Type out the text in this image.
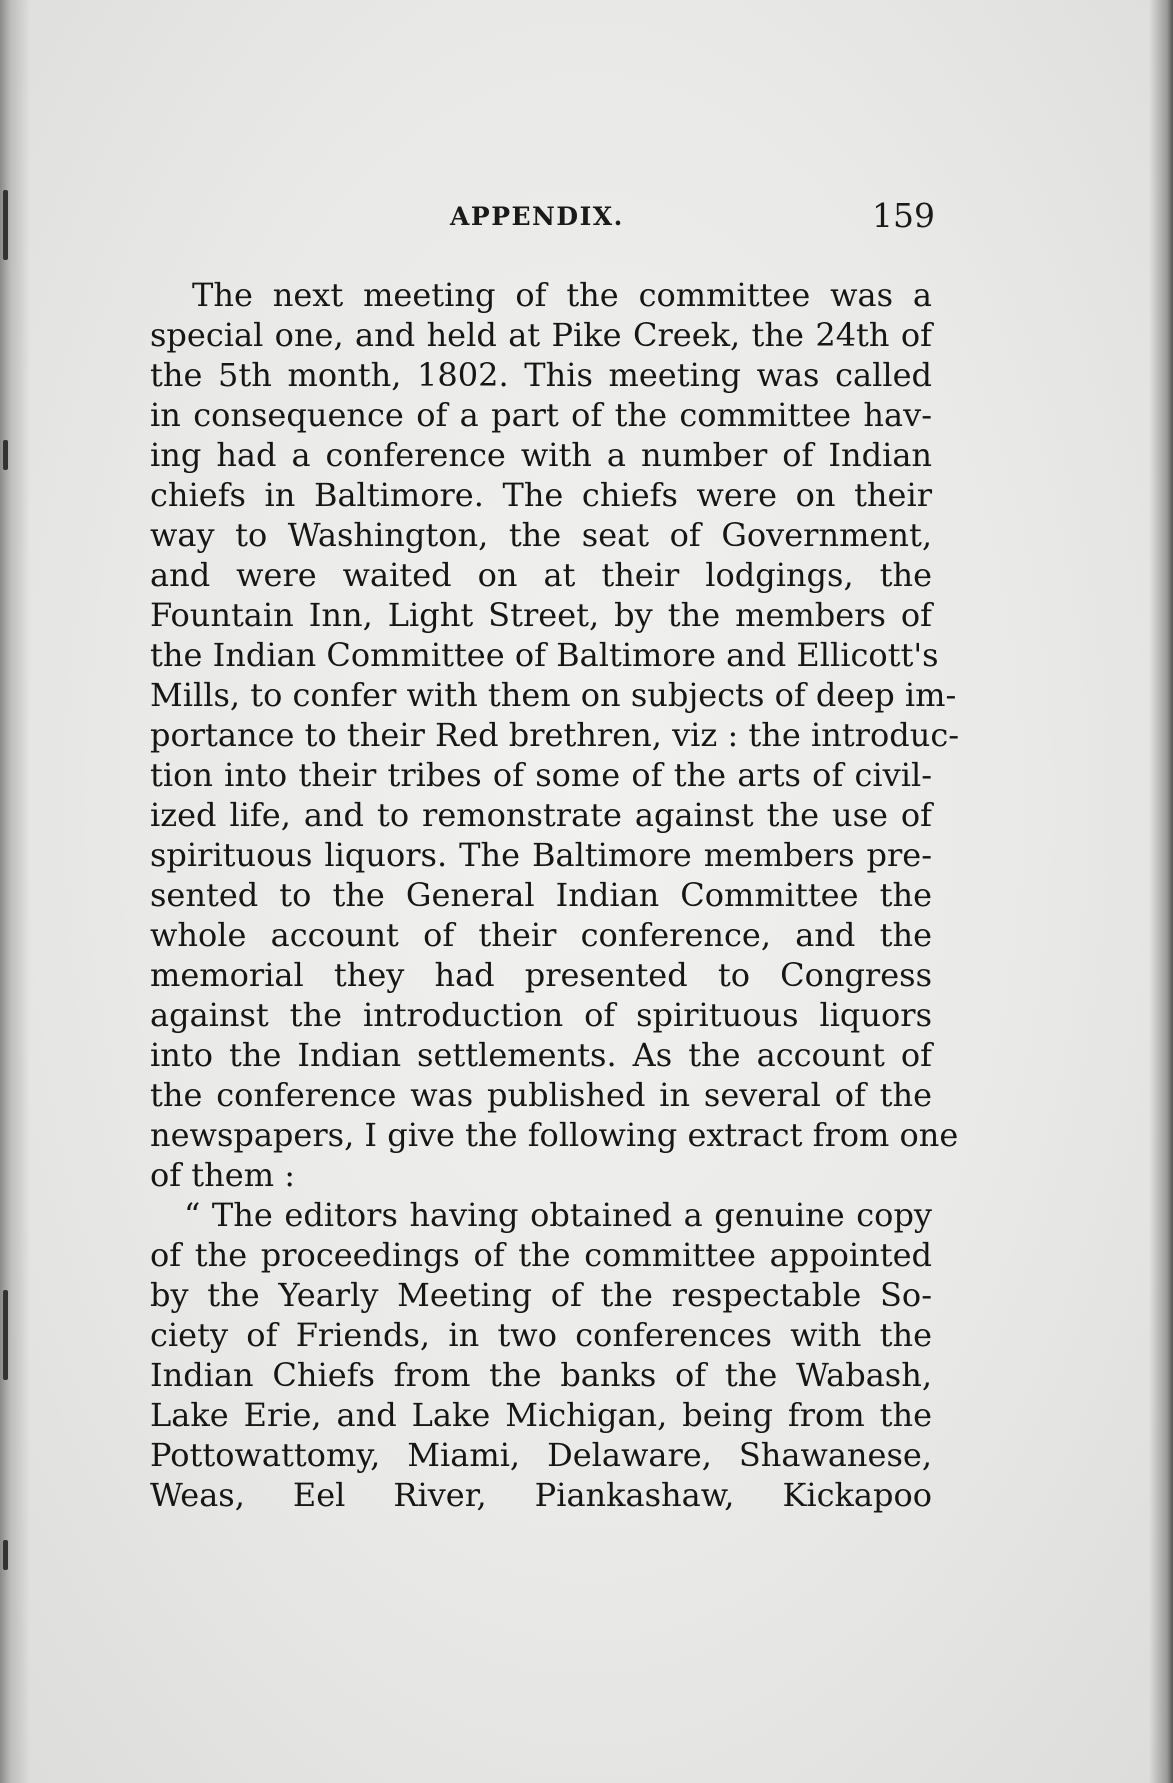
APPENDIX.	159
The next meeting of the committee was a
special one, and held at Pike Creek, the 24th of
the 5th month, 1802. This meeting was called
in consequence of a part of the committee hav-
ing had a conference with a number of Indian
chiefs in Baltimore. The chiefs were on their
way to Washington, the seat of Government,
and were waited on at their lodgings, the
Fountain Inn, Light Street, by the members of
the Indian Committee of Baltimore and Ellicott's
Mills, to confer with them on subjects of deep im-
portance to their Red brethren, viz : the introduc-
tion into their tribes of some of the arts of civil-
ized life, and to remonstrate against the use of
spirituous liquors. The Baltimore members pre-
sented to the General Indian Committee the
whole account of their conference, and the
memorial they had presented to Congress
against the introduction of spirituous liquors
into the Indian settlements. As the account of
the conference was published in several of the
newspapers, I give the following extract from one
of them :
“ The editors having obtained a genuine copy
of the proceedings of the committee appointed
by the Yearly Meeting of the respectable So-
ciety of Friends, in two conferences with the
Indian Chiefs from the banks of the Wabash,
Lake Erie, and Lake Michigan, being from the
Pottowattomy, Miami, Delaware, Shawanese,
Weas, Eel River, Piankashaw, Kickapoo
